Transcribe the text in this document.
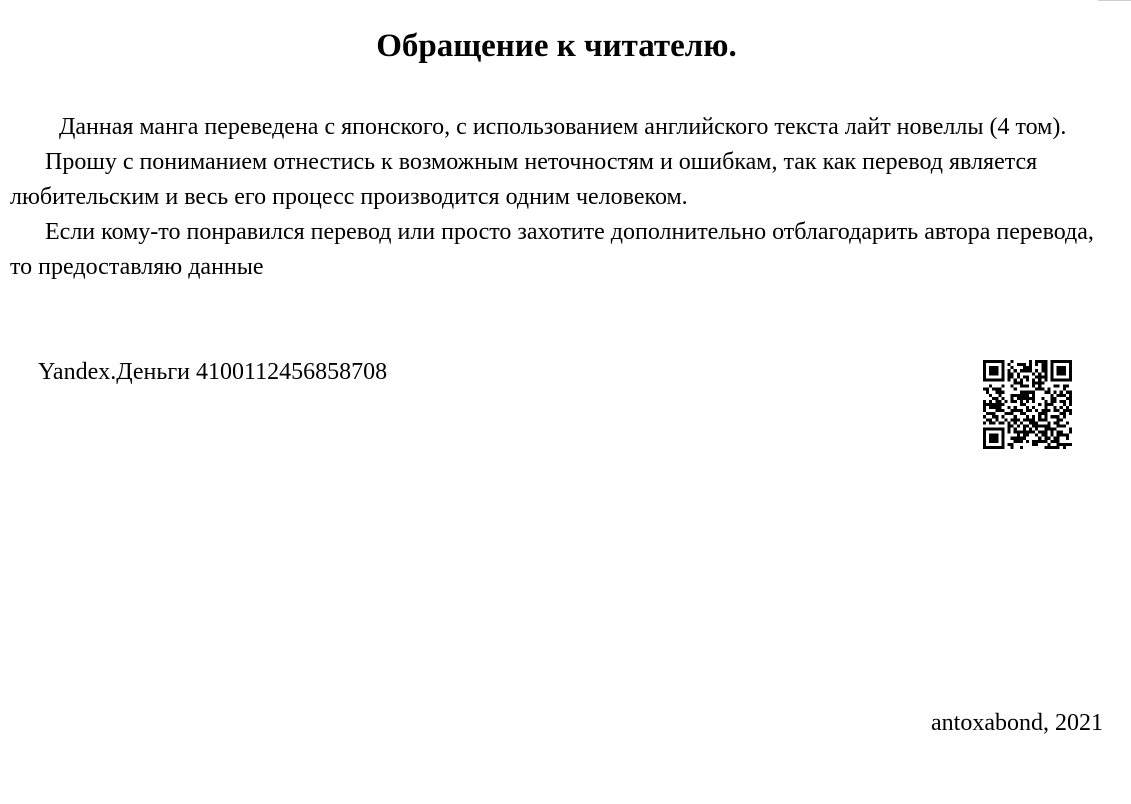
Обращение к читателю.

Данная манга переведена с японского, с использованием английского текста лайт новеллы (4 том).

Прошу с пониманием отнестись к возможным неточностям и ошибкам, так как перевод является любительским и весь его процесс производится одним человеком.

Если кому-то понравился перевод или просто захотите дополнительно отблагодарить автора перевода, то предоставляю данные

Yandex.Деньги 4100112456858708
antoxabond, 2021
